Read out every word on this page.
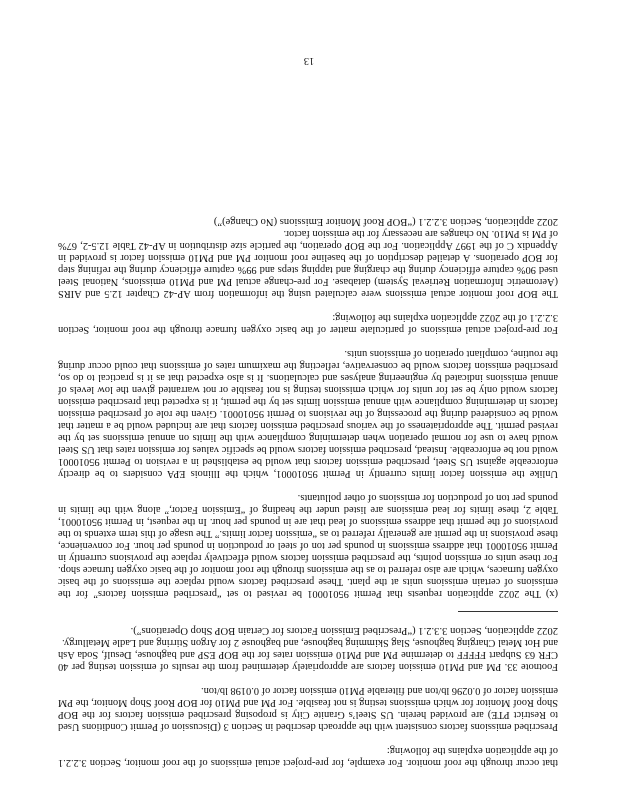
that occur through the roof monitor. For example, for pre-project actual emissions of the roof monitor, Section 3.2.2.1 of the application explains the following:

Prescribed emissions factors consistent with the approach described in Section 3 (Discussion of Permit Conditions Used to Restrict PTE) are provided herein. US Steel’s Granite City is proposing prescribed emission factors for the BOP Shop Roof Monitor for which emissions testing is not feasible. For PM and PM10 for BOP Roof Shop Monitor, the PM emission factor of 0.0296 lb/ton and filterable PM10 emission factor of 0.0198 lb/ton.

Footnote 33. PM and PM10 emission factors are appropriately determined from the results of emission testing per 40 CFR 63 Subpart FFFFF to determine PM and PM10 emission rates for the BOP ESP and baghouse, Desulf, Soda Ash and Hot Metal Charging baghouse, Slag Skimming baghouse, and baghouse 2 for Argon Stirring and Ladle Metallurgy.

2022 application, Section 3.3.2.1 (“Prescribed Emission Factors for Certain BOP Shop Operations”).

(x) The 2022 application requests that Permit 95010001 be revised to set “prescribed emission factors” for the emissions of certain emissions units at the plant. These prescribed factors would replace the emissions of the basic oxygen furnaces, which are also referred to as the emissions through the roof monitor of the basic oxygen furnace shop. For these units or emission points, the prescribed emission factors would effectively replace the provisions currently in Permit 95010001 that address emissions in pounds per ton of steel or production in pounds per hour. For convenience, these provisions in the permit are generally referred to as “emission factor limits.” The usage of this term extends to the provisions of the permit that address emissions of lead that are in pounds per hour. In the request, in Permit 95010001, Table 2, these limits for lead emissions are listed under the heading of “Emission Factor,” along with the limits in pounds per ton of production for emissions of other pollutants.

Unlike the emission factor limits currently in Permit 95010001, which the Illinois EPA considers to be directly enforceable against US Steel, prescribed emission factors that would be established in a revision to Permit 95010001 would not be enforceable. Instead, prescribed emission factors would be specific values for emission rates that US Steel would have to use for normal operation when determining compliance with the limits on annual emissions set by the revised permit. The appropriateness of the various prescribed emission factors that are included would be a matter that would be considered during the processing of the revisions to Permit 95010001. Given the role of prescribed emission factors in determining compliance with annual emission limits set by the permit, it is expected that prescribed emission factors would only be set for units for which emissions testing is not feasible or not warranted given the low levels of annual emissions indicated by engineering analyses and calculations. It is also expected that as it is practical to do so, prescribed emission factors would be conservative, reflecting the maximum rates of emissions that could occur during the routine, compliant operation of emissions units.

For pre-project actual emissions of particulate matter of the basic oxygen furnace through the roof monitor, Section 3.2.2.1 of the 2022 application explains the following:

The BOP roof monitor actual emissions were calculated using the information from AP-42 Chapter 12.5 and AIRS (Aerometric Information Retrieval System) database. For pre-change actual PM and PM10 emissions, National Steel used 90% capture efficiency during the charging and tapping steps and 99% capture efficiency during the refining step for BOP operations. A detailed description of the baseline roof monitor PM and PM10 emission factor is provided in Appendix C of the 1997 Application. For the BOP operation, the particle size distribution in AP-42 Table 12.5-2, 67% of PM is PM10. No changes are necessary for the emission factor.

2022 application, Section 3.2.2.1 (“BOP Roof Monitor Emissions (No Change)”)

13
